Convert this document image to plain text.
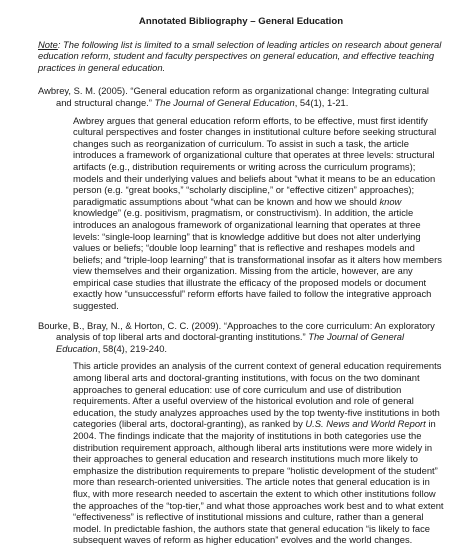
Annotated Bibliography – General Education

Note: The following list is limited to a small selection of leading articles on research about general education reform, student and faculty perspectives on general education, and effective teaching practices in general education.

Awbrey, S. M. (2005). “General education reform as organizational change: Integrating cultural and structural change.” The Journal of General Education, 54(1), 1-21.

Awbrey argues that general education reform efforts, to be effective, must first identify cultural perspectives and foster changes in institutional culture before seeking structural changes such as reorganization of curriculum. To assist in such a task, the article introduces a framework of organizational culture that operates at three levels: structural artifacts (e.g., distribution requirements or writing across the curriculum programs); models and their underlying values and beliefs about “what it means to be an education person (e.g. “great books,” “scholarly discipline,” or “effective citizen” approaches); paradigmatic assumptions about “what can be known and how we should know knowledge” (e.g. positivism, pragmatism, or constructivism). In addition, the article introduces an analogous framework of organizational learning that operates at three levels: “single-loop learning” that is knowledge additive but does not alter underlying values or beliefs; “double loop learning” that is reflective and reshapes models and beliefs; and “triple-loop learning” that is transformational insofar as it alters how members view themselves and their organization. Missing from the article, however, are any empirical case studies that illustrate the efficacy of the proposed models or document exactly how “unsuccessful” reform efforts have failed to follow the integrative approach suggested.

Bourke, B., Bray, N., & Horton, C. C. (2009). “Approaches to the core curriculum: An exploratory analysis of top liberal arts and doctoral-granting institutions.” The Journal of General Education, 58(4), 219-240.

This article provides an analysis of the current context of general education requirements among liberal arts and doctoral-granting institutions, with focus on the two dominant approaches to general education: use of core curriculum and use of distribution requirements. After a useful overview of the historical evolution and role of general education, the study analyzes approaches used by the top twenty-five institutions in both categories (liberal arts, doctoral-granting), as ranked by U.S. News and World Report in 2004. The findings indicate that the majority of institutions in both categories use the distribution requirement approach, although liberal arts institutions were more widely in their approaches to general education and research institutions much more likely to emphasize the distribution requirements to prepare “holistic development of the student” more than research-oriented universities. The article notes that general education is in flux, with more research needed to ascertain the extent to which other institutions follow the approaches of the “top-tier,” and what those approaches work best and to what extent “effectiveness” is reflective of institutional missions and culture, rather than a general model. In predictable fashion, the authors state that general education “is likely to face subsequent waves of reform as higher education” evolves and the world changes.
